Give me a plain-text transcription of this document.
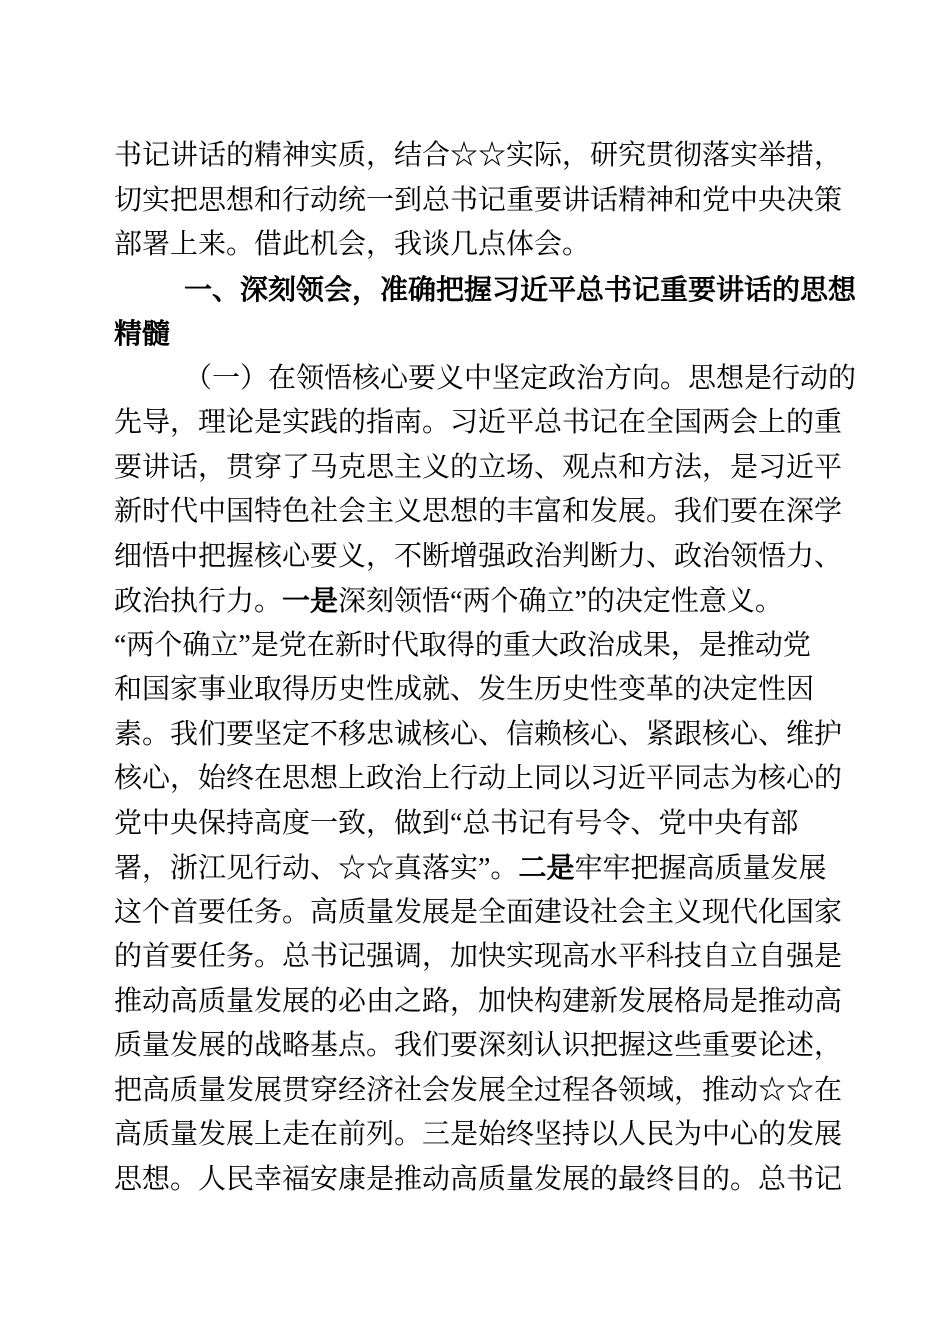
书记讲话的精神实质，结合☆☆实际，研究贯彻落实举措，
切实把思想和行动统一到总书记重要讲话精神和党中央决策
部署上来。借此机会，我谈几点体会。
一、深刻领会，准确把握习近平总书记重要讲话的思想
精髓
（一）在领悟核心要义中坚定政治方向。思想是行动的
先导，理论是实践的指南。习近平总书记在全国两会上的重
要讲话，贯穿了马克思主义的立场、观点和方法，是习近平
新时代中国特色社会主义思想的丰富和发展。我们要在深学
细悟中把握核心要义，不断增强政治判断力、政治领悟力、
政治执行力。一是深刻领悟“两个确立”的决定性意义。
“两个确立”是党在新时代取得的重大政治成果，是推动党
和国家事业取得历史性成就、发生历史性变革的决定性因
素。我们要坚定不移忠诚核心、信赖核心、紧跟核心、维护
核心，始终在思想上政治上行动上同以习近平同志为核心的
党中央保持高度一致，做到“总书记有号令、党中央有部
署，浙江见行动、☆☆真落实”。二是牢牢把握高质量发展
这个首要任务。高质量发展是全面建设社会主义现代化国家
的首要任务。总书记强调，加快实现高水平科技自立自强是
推动高质量发展的必由之路，加快构建新发展格局是推动高
质量发展的战略基点。我们要深刻认识把握这些重要论述，
把高质量发展贯穿经济社会发展全过程各领域，推动☆☆在
高质量发展上走在前列。三是始终坚持以人民为中心的发展
思想。人民幸福安康是推动高质量发展的最终目的。总书记
